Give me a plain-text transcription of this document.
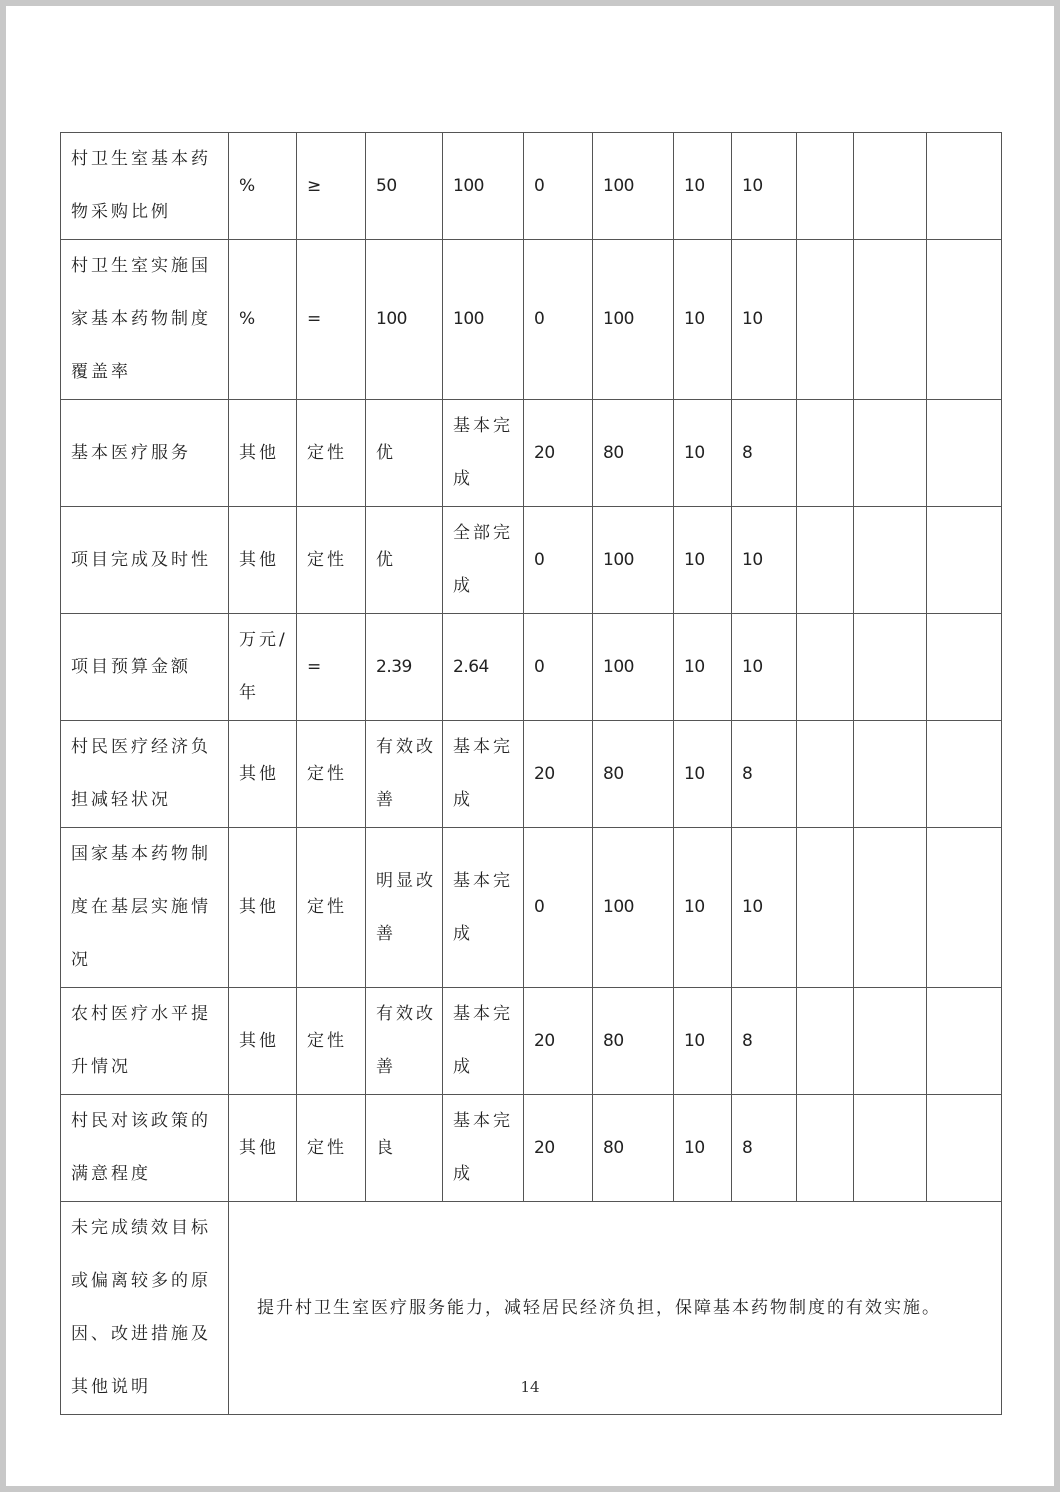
村卫生室基本药物采购比例	%	≥	50	100	0	100	10	10			
村卫生室实施国家基本药物制度覆盖率	%	=	100	100	0	100	10	10			
基本医疗服务	其他	定性	优	基本完成	20	80	10	8			
项目完成及时性	其他	定性	优	全部完成	0	100	10	10			
项目预算金额	万元/年	=	2.39	2.64	0	100	10	10			
村民医疗经济负担减轻状况	其他	定性	有效改善	基本完成	20	80	10	8			
国家基本药物制度在基层实施情况	其他	定性	明显改善	基本完成	0	100	10	10			
农村医疗水平提升情况	其他	定性	有效改善	基本完成	20	80	10	8			
村民对该政策的满意程度	其他	定性	良	基本完成	20	80	10	8			
未完成绩效目标或偏离较多的原因、改进措施及其他说明	提升村卫生室医疗服务能力，减轻居民经济负担，保障基本药物制度的有效实施。										
14
